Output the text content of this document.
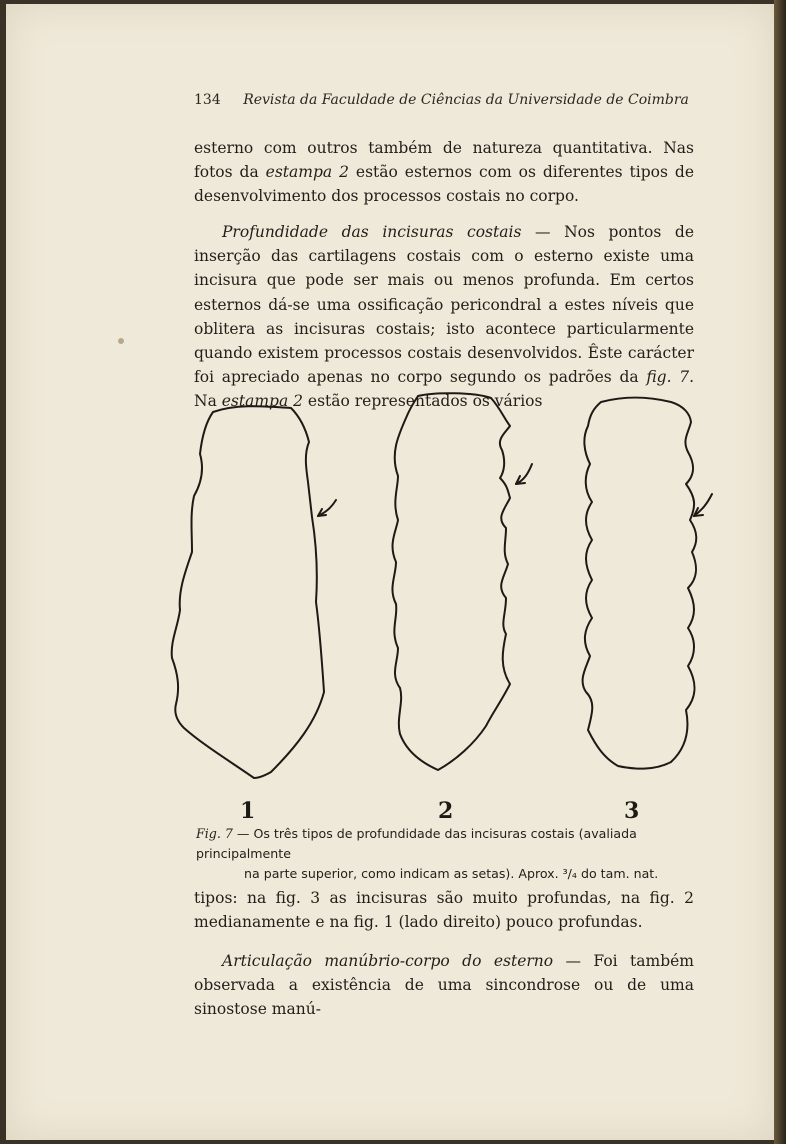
134 Revista da Faculdade de Ciências da Universidade de Coimbra

esterno com outros também de natureza quantitativa. Nas fotos da estampa 2 estão esternos com os diferentes tipos de desenvolvimento dos processos costais no corpo.

Profundidade das incisuras costais — Nos pontos de inserção das cartilagens costais com o esterno existe uma incisura que pode ser mais ou menos profunda. Em certos esternos dá-se uma ossificação pericondral a estes níveis que oblitera as incisuras costais; isto acontece particularmente quando existem processos costais desenvolvidos. Êste carácter foi apreciado apenas no corpo segundo os padrões da fig. 7. Na estampa 2 estão representados os vários

1	2	3
Fig. 7 — Os três tipos de profundidade das incisuras costais (avaliada principalmente
na parte superior, como indicam as setas). Aprox. ³/₄ do tam. nat.

tipos: na fig. 3 as incisuras são muito profundas, na fig. 2 medianamente e na fig. 1 (lado direito) pouco profundas.

Articulação manúbrio-corpo do esterno — Foi também observada a existência de uma sincondrose ou de uma sinostose manú-
